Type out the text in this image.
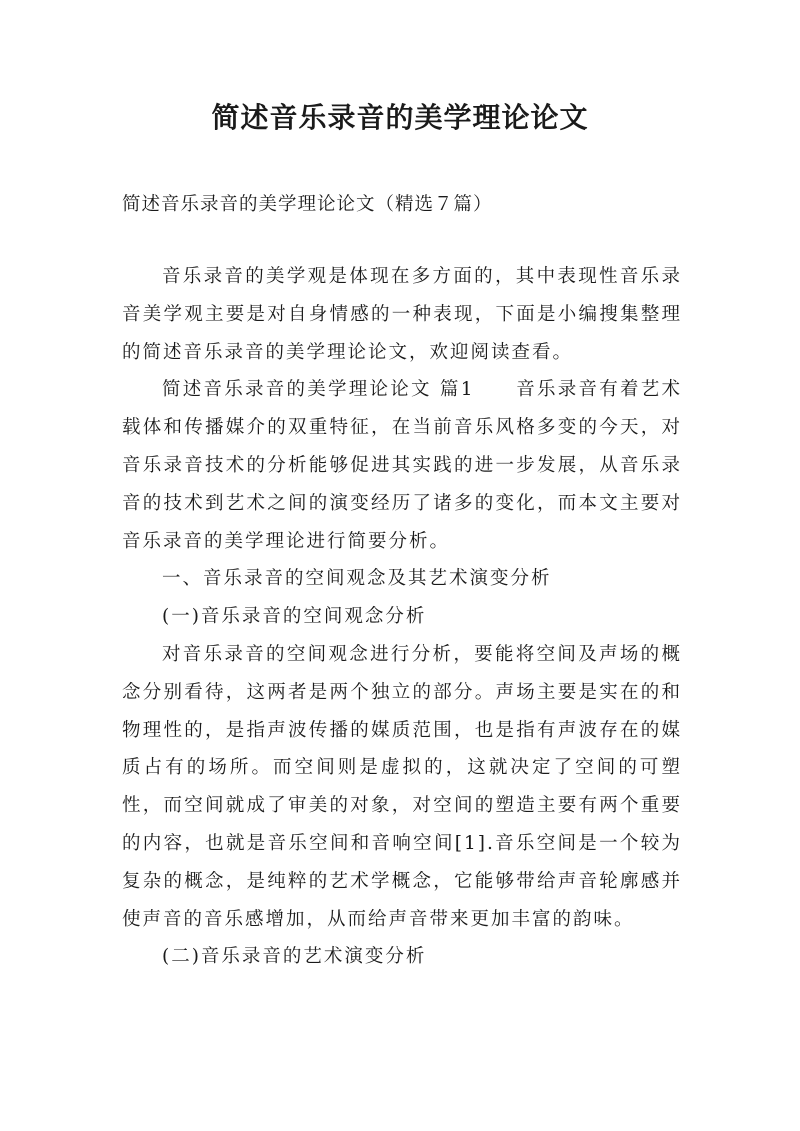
简述音乐录音的美学理论论文

简述音乐录音的美学理论论文（精选７篇）

音乐录音的美学观是体现在多方面的，其中表现性音乐录音美学观主要是对自身情感的一种表现，下面是小编搜集整理的简述音乐录音的美学理论论文，欢迎阅读查看。

简述音乐录音的美学理论论文 篇1　　音乐录音有着艺术载体和传播媒介的双重特征，在当前音乐风格多变的今天，对音乐录音技术的分析能够促进其实践的进一步发展，从音乐录音的技术到艺术之间的演变经历了诸多的变化，而本文主要对音乐录音的美学理论进行简要分析。

一、音乐录音的空间观念及其艺术演变分析

(一)音乐录音的空间观念分析

对音乐录音的空间观念进行分析，要能将空间及声场的概念分别看待，这两者是两个独立的部分。声场主要是实在的和物理性的，是指声波传播的媒质范围，也是指有声波存在的媒质占有的场所。而空间则是虚拟的，这就决定了空间的可塑性，而空间就成了审美的对象，对空间的塑造主要有两个重要的内容，也就是音乐空间和音响空间[1].音乐空间是一个较为复杂的概念，是纯粹的艺术学概念，它能够带给声音轮廓感并使声音的音乐感增加，从而给声音带来更加丰富的韵味。

(二)音乐录音的艺术演变分析
